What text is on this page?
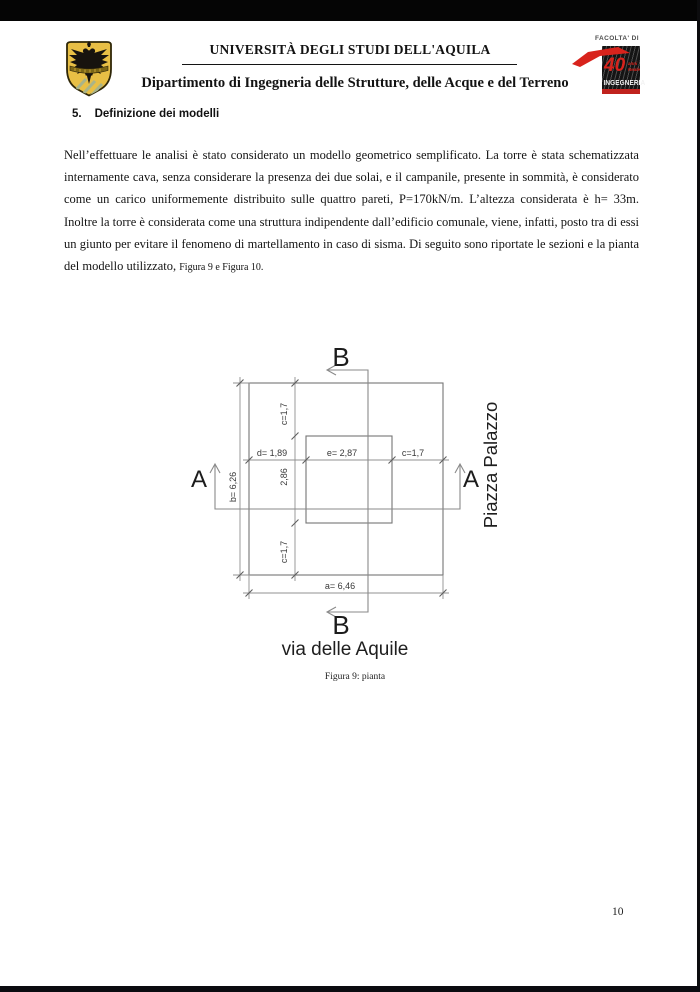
UNIVERSITÀ DEGLI STUDI DELL'AQUILA
Dipartimento di Ingegneria delle Strutture, delle Acque e del Terreno
FACOLTA' DI
40 anni
Reale
INGEGNERIA
5. Definizione dei modelli
Nell’effettuare le analisi è stato considerato un modello geometrico semplificato. La torre è stata schematizzata internamente cava, senza considerare la presenza dei due solai, e il campanile, presente in sommità, è considerato come un carico uniformemente distribuito sulle quattro pareti, P=170kN/m. L’altezza considerata è h= 33m. Inoltre la torre è considerata come una struttura indipendente dall’edificio comunale, viene, infatti, posto tra di essi un giunto per evitare il fenomeno di martellamento in caso di sisma. Di seguito sono riportate le sezioni e la pianta del modello utilizzato, Figura 9 e Figura 10.
B
B
A	A
d= 1,89	e= 2,87	c=1,7
a= 6,46
c=1,7
2,86
c=1,7
b= 6,26
via delle Aquile
Piazza Palazzo
Figura 9: pianta
10
